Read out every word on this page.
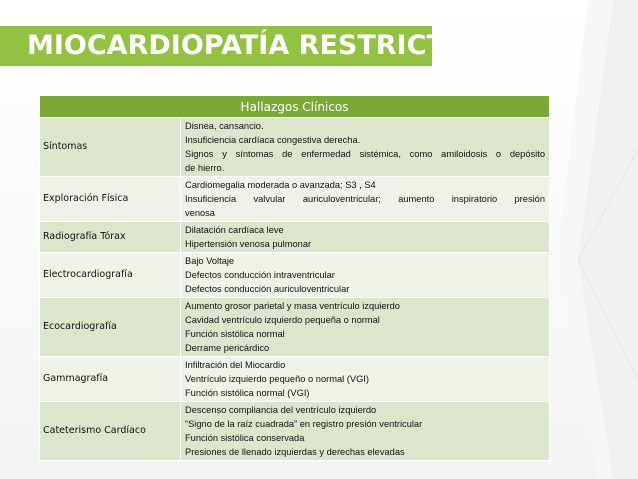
MIOCARDIOPATÍA RESTRICTIVA
Hallazgos Clínicos	
Síntomas	Disnea, cansancio.
Insuficiencia cardíaca congestiva derecha.
Signos y síntomas de enfermedad sistémica, como amiloidosis o depósito
de hierro.

Exploración Física	Cardiomegalia moderada o avanzada; S3 , S4
Insuficiencia valvular auriculoventricular; aumento inspiratorio presión
venosa

Radiografía Tórax	Dilatación cardíaca leve
Hipertensión venosa pulmonar

Electrocardiografía	Bajo Voltaje
Defectos conducción intraventricular
Defectos conducción auriculoventricular

Ecocardiografía	Aumento grosor parietal y masa ventrículo izquierdo
Cavidad ventrículo izquierdo pequeña o normal
Función sistólica normal
Derrame pericárdico

Gammagrafía	Infiltración del Miocardio
Ventrículo izquierdo pequeño o normal (VGI)
Función sistólica normal (VGI)

Cateterismo Cardíaco	Descenso compliancia del ventrículo izquierdo
“Signo de la raíz cuadrada” en registro presión ventricular
Función sistólica conservada
Presiones de llenado izquierdas y derechas elevadas
